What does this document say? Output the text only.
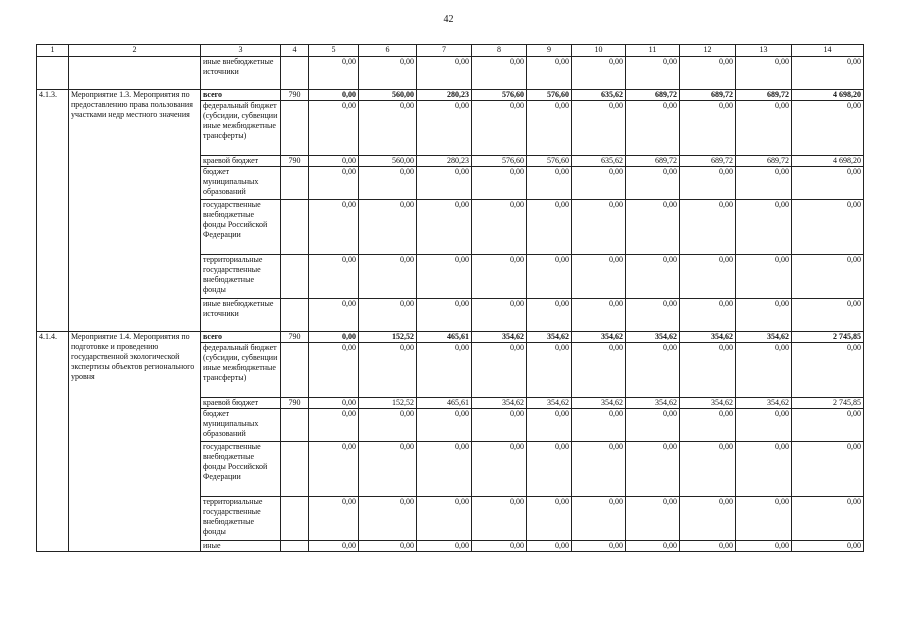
42
1	2	3	4	5	6	7	8	9	10	11	12	13	14
		иные внебюджетные источники		0,00	0,00	0,00	0,00	0,00	0,00	0,00	0,00	0,00	0,00
4.1.3.	Мероприятие 1.3. Мероприятия по предоставлению права пользования участками недр местного значения	всего	790	0,00	560,00	280,23	576,60	576,60	635,62	689,72	689,72	689,72	4 698,20
		федеральный бюджет (субсидии, субвенции иные межбюджетные трансферты)		0,00	0,00	0,00	0,00	0,00	0,00	0,00	0,00	0,00	0,00
		краевой бюджет	790	0,00	560,00	280,23	576,60	576,60	635,62	689,72	689,72	689,72	4 698,20
		бюджет муниципальных образований		0,00	0,00	0,00	0,00	0,00	0,00	0,00	0,00	0,00	0,00
		государственные внебюджетные фонды Российской Федерации		0,00	0,00	0,00	0,00	0,00	0,00	0,00	0,00	0,00	0,00
		территориальные государственные внебюджетные фонды		0,00	0,00	0,00	0,00	0,00	0,00	0,00	0,00	0,00	0,00
		иные внебюджетные источники		0,00	0,00	0,00	0,00	0,00	0,00	0,00	0,00	0,00	0,00
4.1.4.	Мероприятие 1.4. Мероприятия по подготовке и проведению государственной экологической экспертизы объектов регионального уровня	всего	790	0,00	152,52	465,61	354,62	354,62	354,62	354,62	354,62	354,62	2 745,85
		федеральный бюджет (субсидии, субвенции иные межбюджетные трансферты)		0,00	0,00	0,00	0,00	0,00	0,00	0,00	0,00	0,00	0,00
		краевой бюджет	790	0,00	152,52	465,61	354,62	354,62	354,62	354,62	354,62	354,62	2 745,85
		бюджет муниципальных образований		0,00	0,00	0,00	0,00	0,00	0,00	0,00	0,00	0,00	0,00
		государственные внебюджетные фонды Российской Федерации		0,00	0,00	0,00	0,00	0,00	0,00	0,00	0,00	0,00	0,00
		территориальные государственные внебюджетные фонды		0,00	0,00	0,00	0,00	0,00	0,00	0,00	0,00	0,00	0,00
		иные		0,00	0,00	0,00	0,00	0,00	0,00	0,00	0,00	0,00	0,00
